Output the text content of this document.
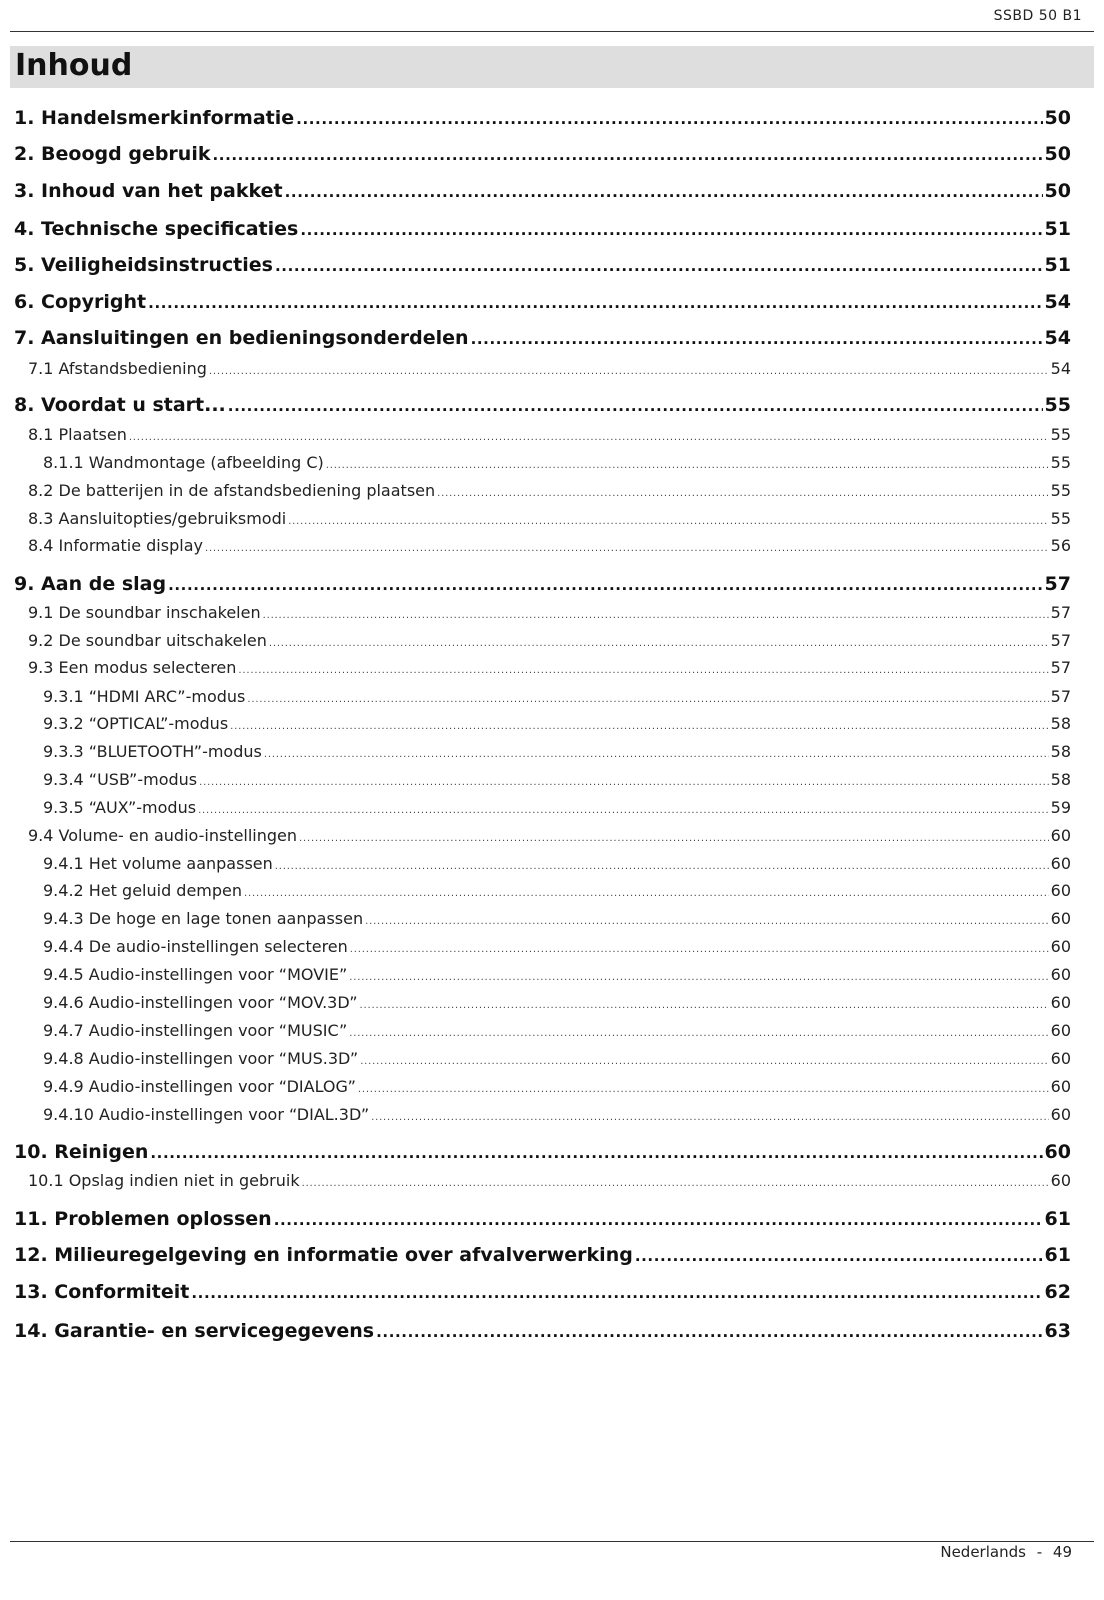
SSBD 50 B1
Inhoud
1. Handelsmerkinformatie .....	50
2. Beoogd gebruik .....	50
3. Inhoud van het pakket .....	50
4. Technische specificaties .....	51
5. Veiligheidsinstructies .....	51
6. Copyright .....	54
7. Aansluitingen en bedieningsonderdelen .....	54
7.1 Afstandsbediening .....	54
8. Voordat u start... .....	55
8.1 Plaatsen .....	55
8.1.1 Wandmontage (afbeelding C) .....	55
8.2 De batterijen in de afstandsbediening plaatsen .....	55
8.3 Aansluitopties/gebruiksmodi .....	55
8.4 Informatie display .....	56
9. Aan de slag .....	57
9.1 De soundbar inschakelen .....	57
9.2 De soundbar uitschakelen .....	57
9.3 Een modus selecteren .....	57
9.3.1 “HDMI ARC”-modus .....	57
9.3.2 “OPTICAL”-modus .....	58
9.3.3 “BLUETOOTH”-modus .....	58
9.3.4 “USB”-modus .....	58
9.3.5 “AUX”-modus .....	59
9.4 Volume- en audio-instellingen .....	60
9.4.1 Het volume aanpassen .....	60
9.4.2 Het geluid dempen .....	60
9.4.3 De hoge en lage tonen aanpassen .....	60
9.4.4 De audio-instellingen selecteren .....	60
9.4.5 Audio-instellingen voor “MOVIE” .....	60
9.4.6 Audio-instellingen voor “MOV.3D” .....	60
9.4.7 Audio-instellingen voor “MUSIC” .....	60
9.4.8 Audio-instellingen voor “MUS.3D” .....	60
9.4.9 Audio-instellingen voor “DIALOG” .....	60
9.4.10 Audio-instellingen voor “DIAL.3D” .....	60
10. Reinigen .....	60
10.1 Opslag indien niet in gebruik .....	60
11. Problemen oplossen .....	61
12. Milieuregelgeving en informatie over afvalverwerking .....	61
13. Conformiteit .....	62
14. Garantie- en servicegegevens .....	63
Nederlands - 49
